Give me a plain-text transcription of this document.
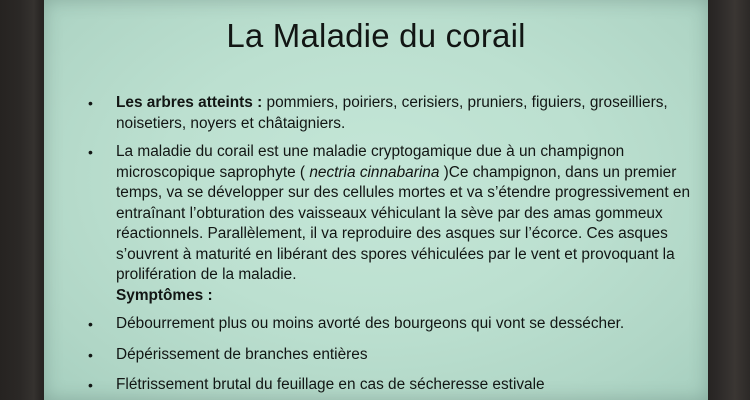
La Maladie du corail
• Les arbres atteints : pommiers, poiriers, cerisiers, pruniers, figuiers, groseilliers, noisetiers, noyers et châtaigniers.
• La maladie du corail est une maladie cryptogamique due à un champignon microscopique saprophyte ( nectria cinnabarina )Ce champignon, dans un premier temps, va se développer sur des cellules mortes et va s’étendre progressivement en entraînant l’obturation des vaisseaux véhiculant la sève par des amas gommeux réactionnels. Parallèlement, il va reproduire des asques sur l’écorce. Ces asques s’ouvrent à maturité en libérant des spores véhiculées par le vent et provoquant la prolifération de la maladie.
Symptômes :
• Débourrement plus ou moins avorté des bourgeons qui vont se dessécher.
• Dépérissement de branches entières
• Flétrissement brutal du feuillage en cas de sécheresse estivale
